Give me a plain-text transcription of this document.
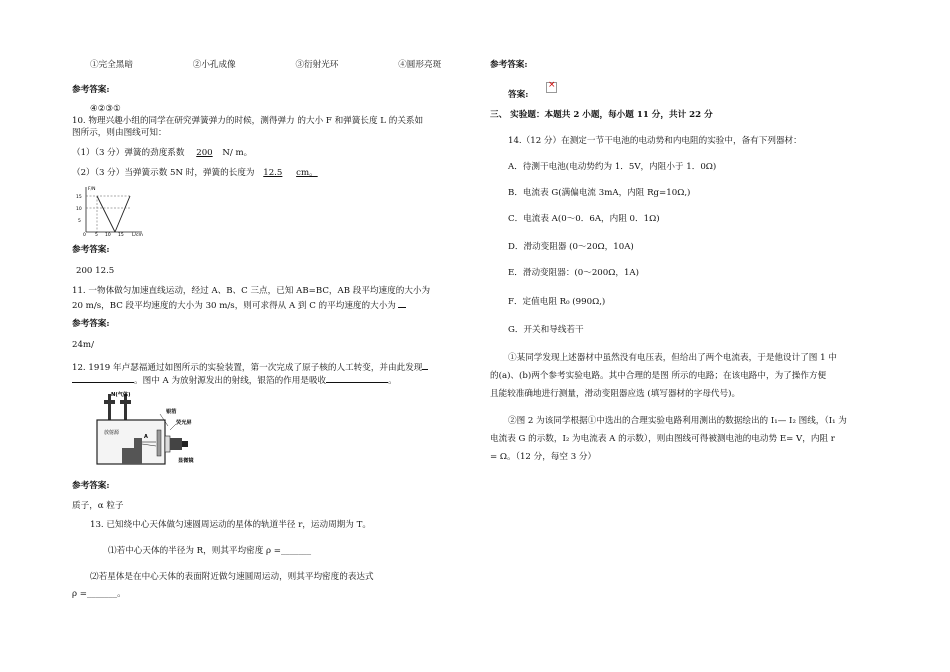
①完全黑暗	②小孔成像	③衍射光环	④圆形亮斑
参考答案:
④②③①
10. 物理兴趣小组的同学在研究弹簧弹力的时候，测得弹力 的大小 F 和弹簧长度 L 的关系如
图所示，则由图线可知：
（1）（3 分）弹簧的劲度系数 200 N/ m。
（2）（3 分）当弹簧示数 5N 时，弹簧的长度为 12.5 cm。
F/N
L/cm
15
10
5
0 5 10 15
参考答案:
200 12.5
11. 一物体做匀加速直线运动，经过 A、B、C 三点，已知 AB=BC，AB 段平均速度的大小为
20 m/s，BC 段平均速度的大小为 30 m/s，则可求得从 A 到 C 的平均速度的大小为
参考答案:
24m/
12. 1919 年卢瑟福通过如图所示的实验装置，第一次完成了原子核的人工转变，并由此发现
。图中 A 为放射源发出的射线，银箔的作用是吸收	。
N(气体)
放射源
A
银箔
荧光屏
显微镜
参考答案:
质子，α 粒子
13. 已知绕中心天体做匀速圆周运动的星体的轨道半径 r，运动周期为 T。
⑴若中心天体的半径为 R，则其平均密度 ρ =_______
⑵若星体是在中心天体的表面附近做匀速圆周运动，则其平均密度的表达式
ρ =_______。
参考答案:
×
答案:
三、 实验题：本题共 2 小题，每小题 11 分，共计 22 分
14.（12 分）在测定一节干电池的电动势和内电阻的实验中，备有下列器材：
A．待测干电池(电动势约为 1．5V，内阻小于 1．0Ω)
B．电流表 G(满偏电流 3mA，内阻 Rg=10Ω,)
C．电流表 A(0～0．6A，内阻 0．1Ω)
D．滑动变阻器 (0～20Ω，10A)
E．滑动变阻器：(0～200Ω，1A)
F．定值电阻 R₀ (990Ω,)
G．开关和导线若干
①某同学发现上述器材中虽然没有电压表，但给出了两个电流表，于是他设计了图 1 中
的(a)、(b)两个参考实验电路。其中合理的是图 所示的电路；在该电路中，为了操作方便
且能较准确地进行测量，滑动变阻器应选 (填写器材的字母代号)。
②图 2 为该同学根据①中选出的合理实验电路利用测出的数据绘出的 I₁— I₂ 图线，（I₁ 为
电流表 G 的示数，I₂ 为电流表 A 的示数），则由图线可得被测电池的电动势 E= V，内阻 r
= Ω。（12 分，每空 3 分）
